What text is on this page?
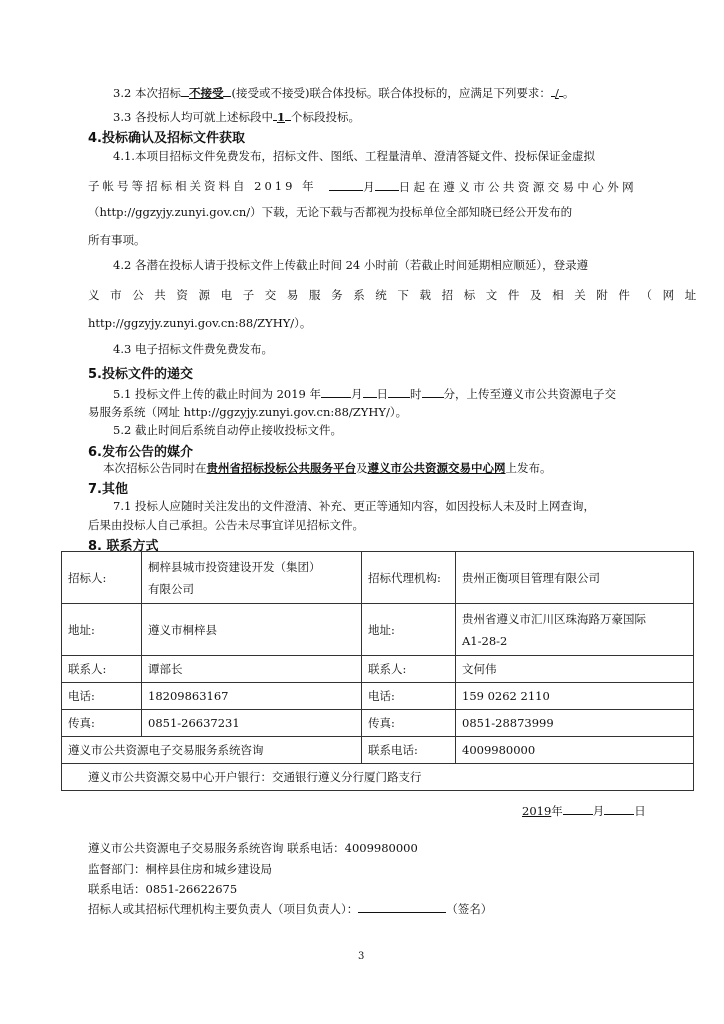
3.2 本次招标 不接受 (接受或不接受)联合体投标。联合体投标的，应满足下列要求： / 。
3.3 各投标人均可就上述标段中 1 个标段投标。
4.投标确认及招标文件获取
4.1.本项目招标文件免费发布，招标文件、图纸、工程量清单、澄清答疑文件、投标保证金虚拟
子帐号等招标相关资料自 2019 年	月 日起在遵义市公共资源交易中心外网
（http://ggzyjy.zunyi.gov.cn/）下载，无论下载与否都视为投标单位全部知晓已经公开发布的
所有事项。
4.2 各潜在投标人请于投标文件上传截止时间 24 小时前（若截止时间延期相应顺延），登录遵
义市公共资源电子交易服务系统下载招标文件及相关附件（网址
http://ggzyjy.zunyi.gov.cn:88/ZYHY/）。
4.3 电子招标文件费免费发布。
5.投标文件的递交
5.1 投标文件上传的截止时间为 2019 年	月 日 时 分，上传至遵义市公共资源电子交
易服务系统（网址 http://ggzyjy.zunyi.gov.cn:88/ZYHY/）。
5.2 截止时间后系统自动停止接收投标文件。
6.发布公告的媒介
本次招标公告同时在贵州省招标投标公共服务平台及遵义市公共资源交易中心网上发布。
7.其他
7.1 投标人应随时关注发出的文件澄清、补充、更正等通知内容，如因投标人未及时上网查询，
后果由投标人自己承担。公告未尽事宜详见招标文件。
8. 联系方式
招标人:	桐梓县城市投资建设开发（集团）
有限公司	招标代理机构:	贵州正衡项目管理有限公司
地址:	遵义市桐梓县	地址:	贵州省遵义市汇川区珠海路万豪国际
A1-28-2

联系人:	谭部长	联系人:	文何伟
电话:	18209863167	电话:	159 0262 2110
传真:	0851-26637231	传真:	0851-28873999
遵义市公共资源电子交易服务系统咨询		联系电话:	4009980000
遵义市公共资源交易中心开户银行：交通银行遵义分行厦门路支行			
2019年	月	日
遵义市公共资源电子交易服务系统咨询 联系电话：4009980000
监督部门：桐梓县住房和城乡建设局
联系电话：0851-26622675
招标人或其招标代理机构主要负责人（项目负责人）：	（签名）
3
